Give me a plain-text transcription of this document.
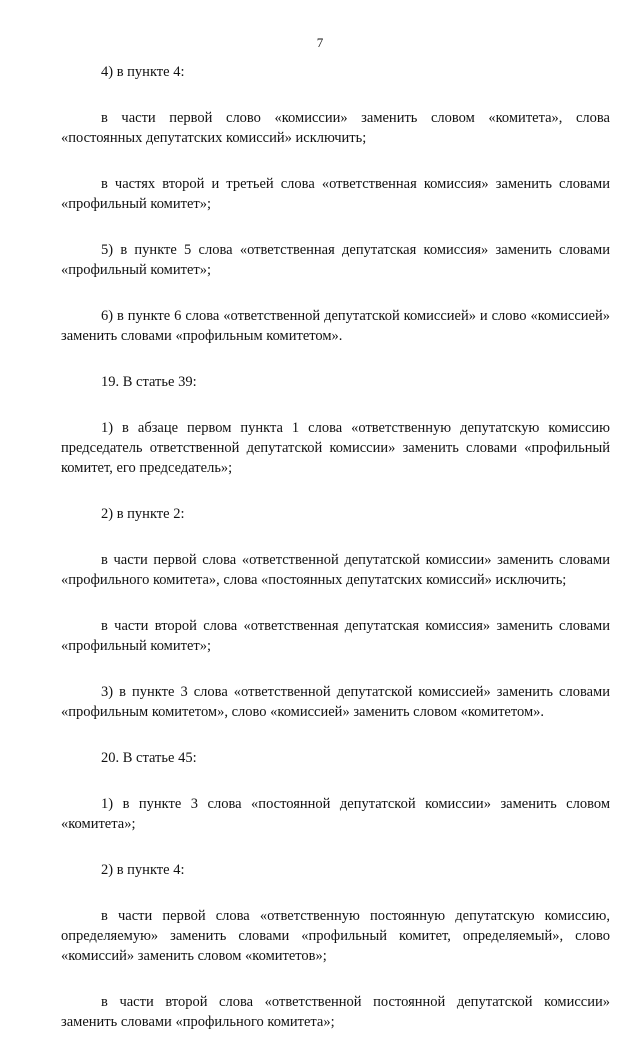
7

4) в пункте 4:

в части первой слово «комиссии» заменить словом «комитета», слова «постоянных депутатских комиссий» исключить;

в частях второй и третьей слова «ответственная комиссия» заменить словами «профильный комитет»;

5) в пункте 5 слова «ответственная депутатская комиссия» заменить словами «профильный комитет»;

6) в пункте 6 слова «ответственной депутатской комиссией» и слово «комиссией» заменить словами «профильным комитетом».

19. В статье 39:

1) в абзаце первом пункта 1 слова «ответственную депутатскую комиссию председатель ответственной депутатской комиссии» заменить словами «профильный комитет, его председатель»;

2) в пункте 2:

в части первой слова «ответственной депутатской комиссии» заменить словами «профильного комитета», слова «постоянных депутатских комиссий» исключить;

в части второй слова «ответственная депутатская комиссия» заменить словами «профильный комитет»;

3) в пункте 3 слова «ответственной депутатской комиссией» заменить словами «профильным комитетом», слово «комиссией» заменить словом «комитетом».

20. В статье 45:

1) в пункте 3 слова «постоянной депутатской комиссии» заменить словом «комитета»;

2) в пункте 4:

в части первой слова «ответственную постоянную депутатскую комиссию, определяемую» заменить словами «профильный комитет, определяемый», слово «комиссий» заменить словом «комитетов»;

в части второй слова «ответственной постоянной депутатской комиссии» заменить словами «профильного комитета»;
